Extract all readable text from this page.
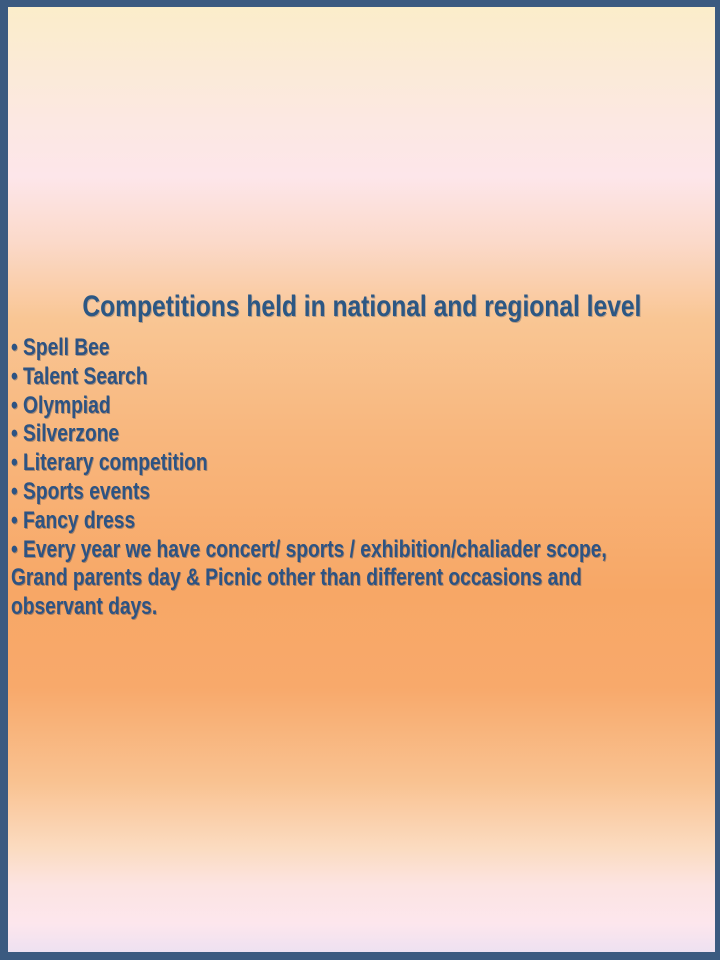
Competitions held in national and regional level
• Spell Bee
• Talent Search
• Olympiad
• Silverzone
• Literary competition
• Sports events
• Fancy dress
• Every year we have concert/ sports / exhibition/chaliader scope,
Grand parents day & Picnic other than different occasions and
observant days.
